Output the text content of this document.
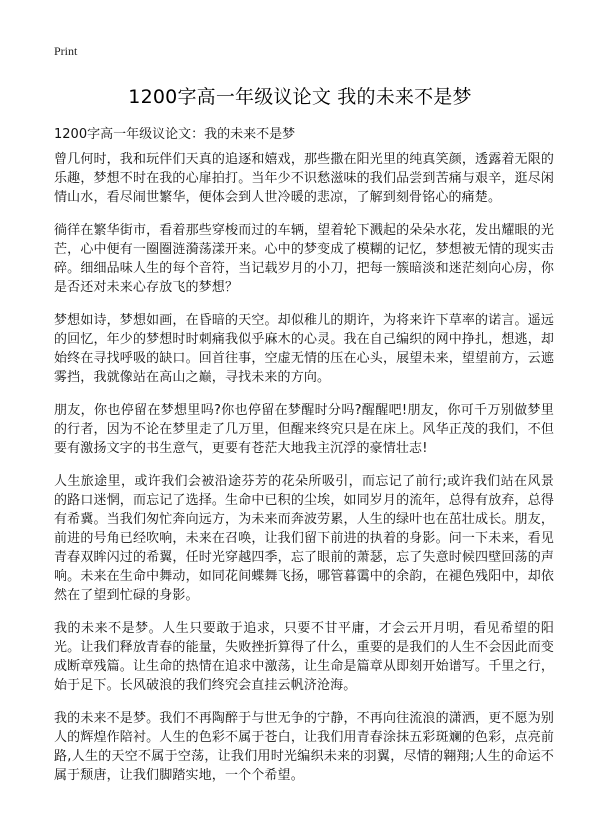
Print
1200字高一年级议论文 我的未来不是梦
1200字高一年级议论文：我的未来不是梦

曾几何时，我和玩伴们天真的追逐和嬉戏，那些撒在阳光里的纯真笑颜，透露着无限的乐趣，梦想不时在我的心扉拍打。当年少不识愁滋味的我们品尝到苦痛与艰辛，逛尽闲情山水，看尽闹世繁华，便体会到人世冷暖的悲凉，了解到刻骨铭心的痛楚。

徜徉在繁华街市，看着那些穿梭而过的车辆，望着轮下溅起的朵朵水花，发出耀眼的光芒，心中便有一圈圈涟漪荡漾开来。心中的梦变成了模糊的记忆，梦想被无情的现实击碎。细细品味人生的每个音符，当记载岁月的小刀，把每一簇暗淡和迷茫刻向心房，你是否还对未来心存放飞的梦想？

梦想如诗，梦想如画，在昏暗的天空。却似稚儿的期许，为将来许下草率的诺言。遥远的回忆，年少的梦想时时刺痛我似乎麻木的心灵。我在自己编织的网中挣扎，想逃，却始终在寻找呼吸的缺口。回首往事，空虚无情的压在心头，展望未来，望望前方，云遮雾挡，我就像站在高山之巅，寻找未来的方向。

朋友，你也停留在梦想里吗?你也停留在梦醒时分吗?醒醒吧!朋友，你可千万别做梦里的行者，因为不论在梦里走了几万里，但醒来终究只是在床上。风华正茂的我们，不但要有激扬文字的书生意气，更要有苍茫大地我主沉浮的豪情壮志!

人生旅途里，或许我们会被沿途芬芳的花朵所吸引，而忘记了前行;或许我们站在风景的路口迷惘，而忘记了选择。生命中已积的尘埃，如同岁月的流年，总得有放弃，总得有希冀。当我们匆忙奔向远方，为未来而奔波劳累，人生的绿叶也在茁壮成长。朋友，前进的号角已经吹响，未来在召唤，让我们留下前进的执着的身影。问一下未来，看见青春双眸闪过的希翼，任时光穿越四季，忘了眼前的萧瑟，忘了失意时候四壁回荡的声响。未来在生命中舞动，如同花间蝶舞飞扬，哪管暮霭中的余韵，在褪色残阳中，却依然在了望到忙碌的身影。

我的未来不是梦。人生只要敢于追求，只要不甘平庸，才会云开月明，看见希望的阳光。让我们释放青春的能量，失败挫折算得了什么，重要的是我们的人生不会因此而变成断章残篇。让生命的热情在追求中激荡，让生命是篇章从即刻开始谱写。千里之行，始于足下。长风破浪的我们终究会直挂云帆济沧海。

我的未来不是梦。我们不再陶醉于与世无争的宁静，不再向往流浪的潇洒，更不愿为别人的辉煌作陪衬。人生的色彩不属于苍白，让我们用青春涂抹五彩斑斓的色彩，点亮前路,人生的天空不属于空荡，让我们用时光编织未来的羽翼，尽情的翱翔;人生的命运不属于颓唐，让我们脚踏实地，一个个希望。
